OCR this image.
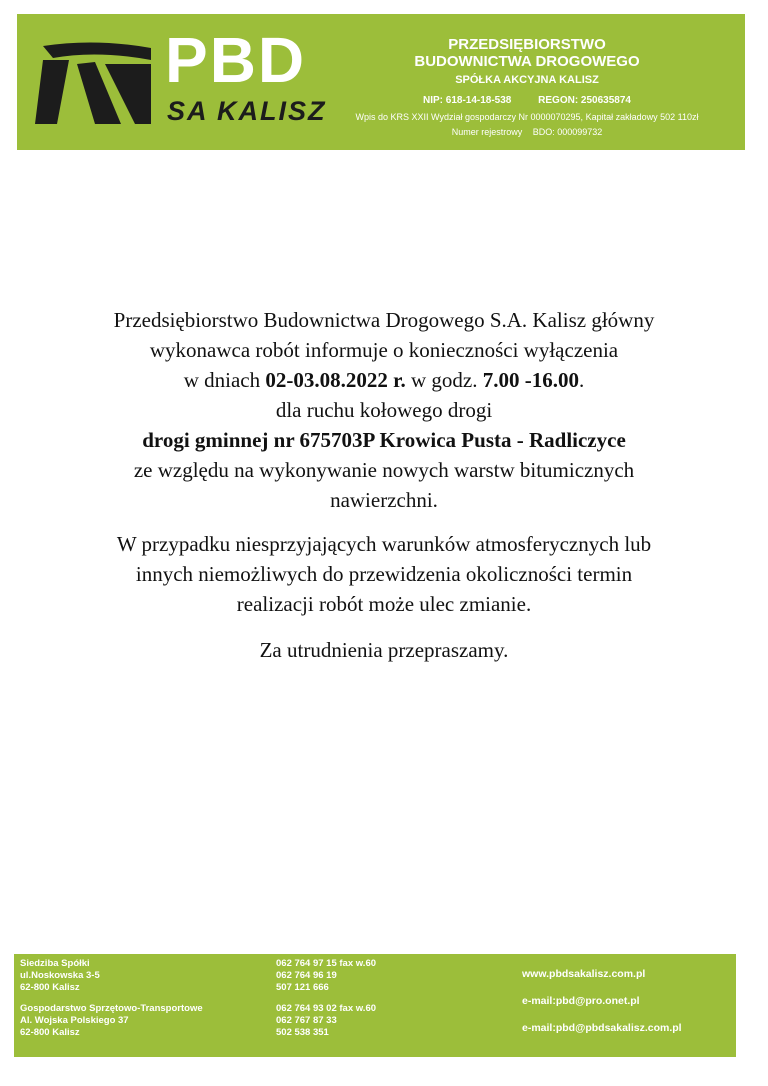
PBD
SA KALISZ
PRZEDSIĘBIORSTWO
BUDOWNICTWA DROGOWEGO
SPÓŁKA AKCYJNA KALISZ
NIP: 618-14-18-538	REGON: 250635874
Wpis do KRS XXII Wydział gospodarczy Nr 0000070295, Kapitał zakładowy 502 110zł
Numer rejestrowy BDO: 000099732

Przedsiębiorstwo Budownictwa Drogowego S.A. Kalisz główny
wykonawca robót informuje o konieczności wyłączenia
w dniach 02-03.08.2022 r. w godz. 7.00 -16.00.
dla ruchu kołowego drogi
drogi gminnej nr 675703P Krowica Pusta - Radliczyce
ze względu na wykonywanie nowych warstw bitumicznych
nawierzchni.

W przypadku niesprzyjających warunków atmosferycznych lub
innych niemożliwych do przewidzenia okoliczności termin
realizacji robót może ulec zmianie.

Za utrudnienia przepraszamy.

Siedziba Spółki
ul.Noskowska 3-5
62-800 Kalisz
Gospodarstwo Sprzętowo-Transportowe
Al. Wojska Polskiego 37
62-800 Kalisz
062 764 97 15 fax w.60
062 764 96 19
507 121 666
062 764 93 02 fax w.60
062 767 87 33
502 538 351
www.pbdsakalisz.com.pl
e-mail:pbd@pro.onet.pl
e-mail:pbd@pbdsakalisz.com.pl
